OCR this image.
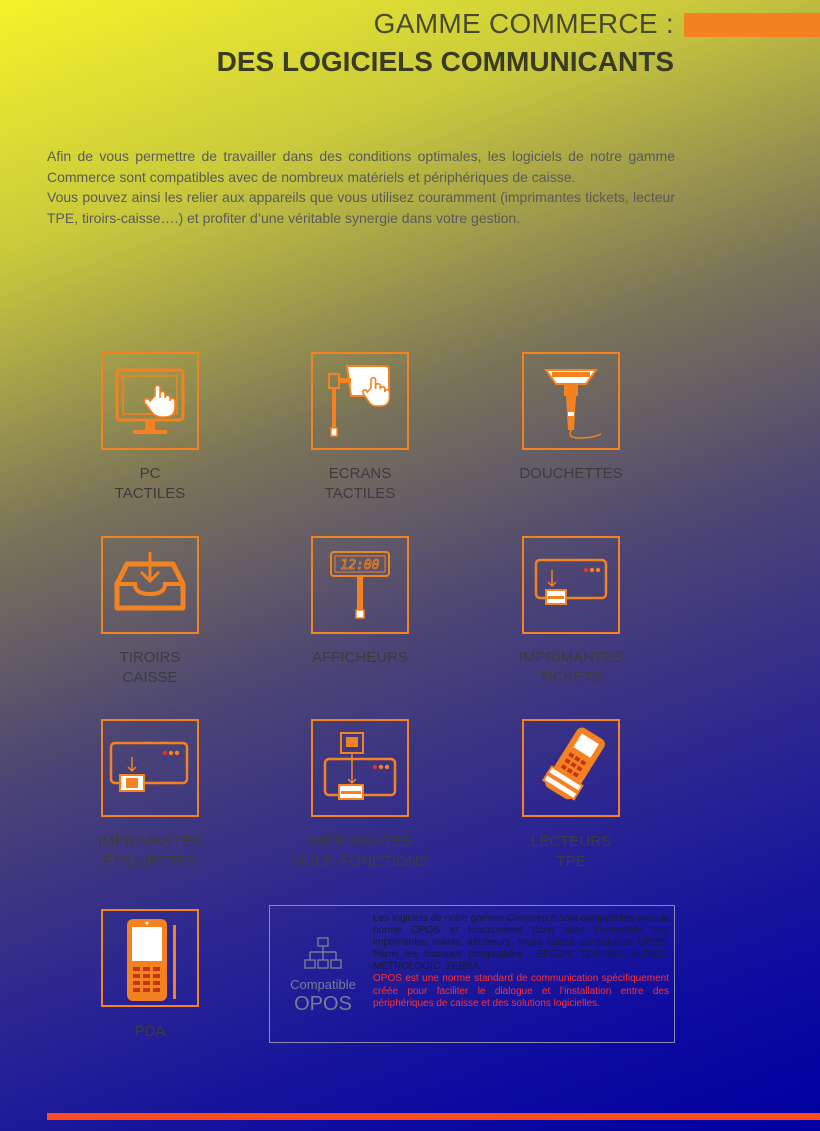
GAMME COMMERCE :
DES LOGICIELS COMMUNICANTS

Afin de vous permettre de travailler dans des conditions optimales, les logiciels de notre gamme Commerce sont compatibles avec de nombreux matériels et périphériques de caisse.

Vous pouvez ainsi les relier aux appareils que vous utilisez couramment (imprimantes tickets, lecteur TPE, tiroirs-caisse….) et profiter d’une véritable synergie dans votre gestion.

PC
TACTILES
ECRANS
TACTILES
DOUCHETTES
12:00
TIROIRS
CAISSE
AFFICHEURS	IMPRIMANTES
TICKETS
IMPRIMANTES
ÉTIQUETTES
IMPRIMANTES
MULTI-FONCTIONS
LECTEURS
TPE
PDA
Compatible
OPOS

Les logiciels de notre gamme Commerce sont compatibles avec la norme OPOS et fonctionnent donc avec l’ensemble des imprimantes tickets, afficheurs, tiroirs caisse compatibles OPOS. Parmi les marques compatibles : EPSON, TOSHIBA, AURES, METROLOGIC, ZEBRA

OPOS est une norme standard de communication spécifiquement créée pour faciliter le dialogue et l’installation entre des périphériques de caisse et des solutions logicielles.
